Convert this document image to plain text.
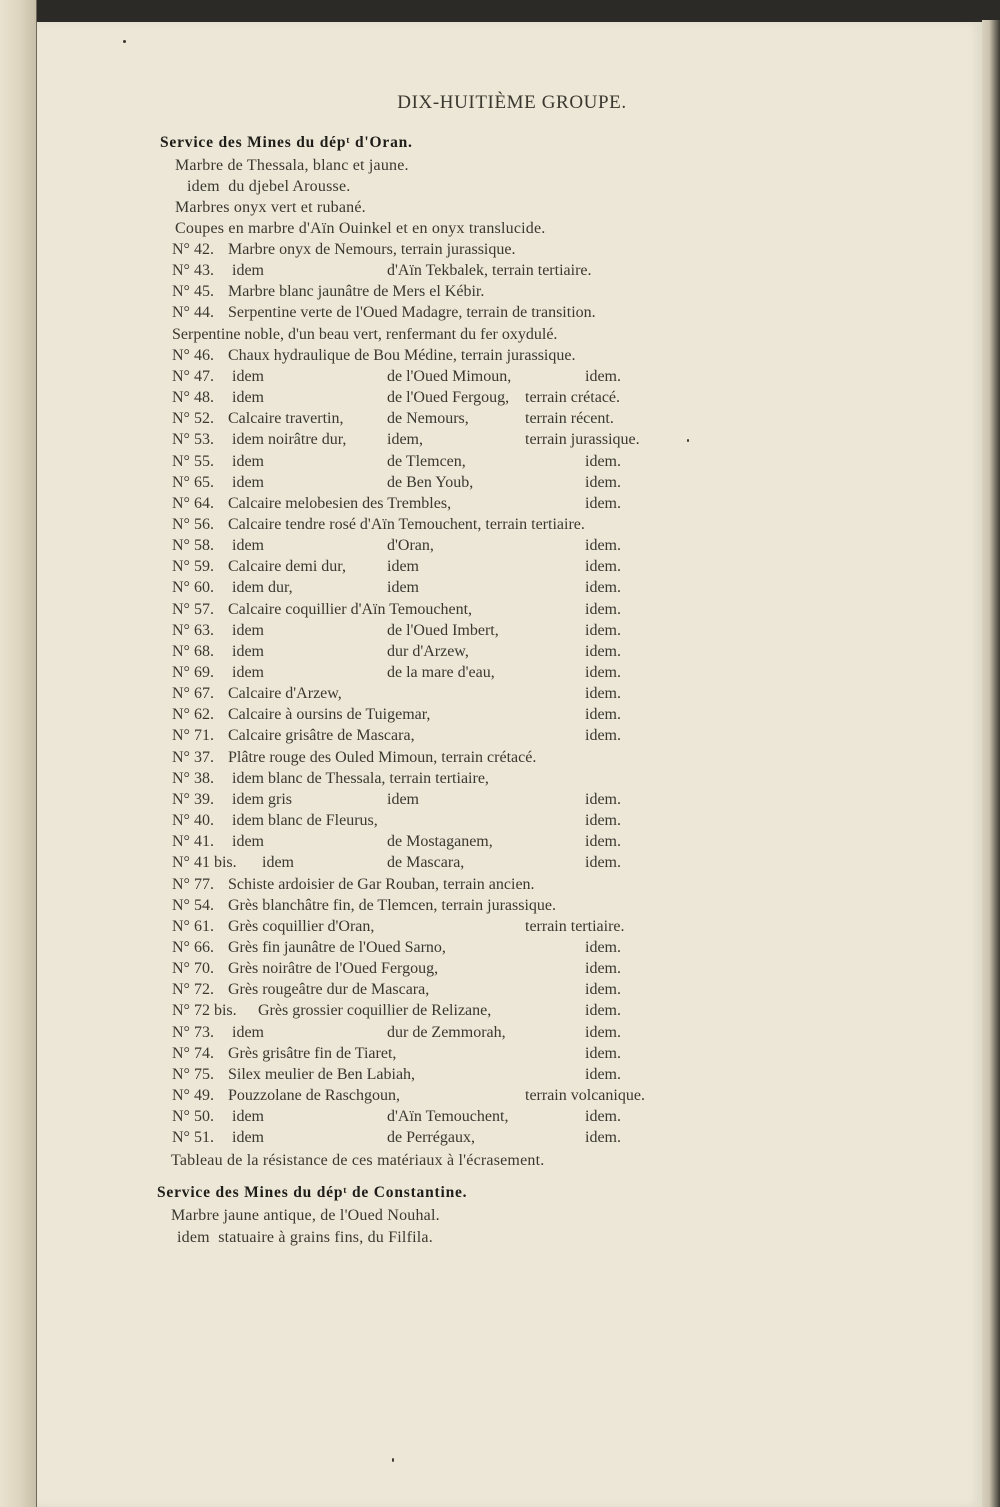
DIX-HUITIÈME GROUPE.
Service des Mines du dépᵗ d'Oran.
Marbre de Thessala, blanc et jaune.
idem  du djebel Arousse.
Marbres onyx vert et rubané.
Coupes en marbre d'Aïn Ouinkel et en onyx translucide.
N° 42. Marbre onyx de Nemours, terrain jurassique.
N° 43. idem	d'Aïn Tekbalek, terrain tertiaire.
N° 45. Marbre blanc jaunâtre de Mers el Kébir.
N° 44. Serpentine verte de l'Oued Madagre, terrain de transition.
Serpentine noble, d'un beau vert, renfermant du fer oxydulé.
N° 46. Chaux hydraulique de Bou Médine, terrain jurassique.
N° 47. idem	de l'Oued Mimoun,	idem.
N° 48. idem	de l'Oued Fergoug, terrain crétacé.
N° 52. Calcaire travertin,	de Nemours,	terrain récent.
N° 53. idem noirâtre dur,	idem,	terrain jurassique.
N° 55. idem	de Tlemcen,	idem.
N° 65. idem	de Ben Youb,	idem.
N° 64. Calcaire melobesien des Trembles,	idem.
N° 56. Calcaire tendre rosé d'Aïn Temouchent, terrain tertiaire.
N° 58. idem	d'Oran,	idem.
N° 59. Calcaire demi dur,	idem	idem.
N° 60. idem dur,	idem	idem.
N° 57. Calcaire coquillier d'Aïn Temouchent,	idem.
N° 63. idem	de l'Oued Imbert,	idem.
N° 68. idem	dur d'Arzew,	idem.
N° 69. idem	de la mare d'eau,	idem.
N° 67. Calcaire d'Arzew,	idem.
N° 62. Calcaire à oursins de Tuigemar,	idem.
N° 71. Calcaire grisâtre de Mascara,	idem.
N° 37. Plâtre rouge des Ouled Mimoun, terrain crétacé.
N° 38. idem blanc de Thessala, terrain tertiaire,
N° 39. idem gris	idem	idem.
N° 40. idem blanc de Fleurus,	idem.
N° 41. idem	de Mostaganem,	idem.
N° 41 bis. idem	de Mascara,	idem.
N° 77. Schiste ardoisier de Gar Rouban, terrain ancien.
N° 54. Grès blanchâtre fin, de Tlemcen, terrain jurassique.
N° 61. Grès coquillier d'Oran,	terrain tertiaire.
N° 66. Grès fin jaunâtre de l'Oued Sarno,	idem.
N° 70. Grès noirâtre de l'Oued Fergoug,	idem.
N° 72. Grès rougeâtre dur de Mascara,	idem.
N° 72 bis. Grès grossier coquillier de Relizane,	idem.
N° 73. idem	dur de Zemmorah,	idem.
N° 74. Grès grisâtre fin de Tiaret,	idem.
N° 75. Silex meulier de Ben Labiah,	idem.
N° 49. Pouzzolane de Raschgoun,	terrain volcanique.
N° 50. idem	d'Aïn Temouchent,	idem.
N° 51. idem	de Perrégaux,	idem.
Tableau de la résistance de ces matériaux à l'écrasement.
Service des Mines du dépᵗ de Constantine.
Marbre jaune antique, de l'Oued Nouhal.
idem  statuaire à grains fins, du Filfila.
